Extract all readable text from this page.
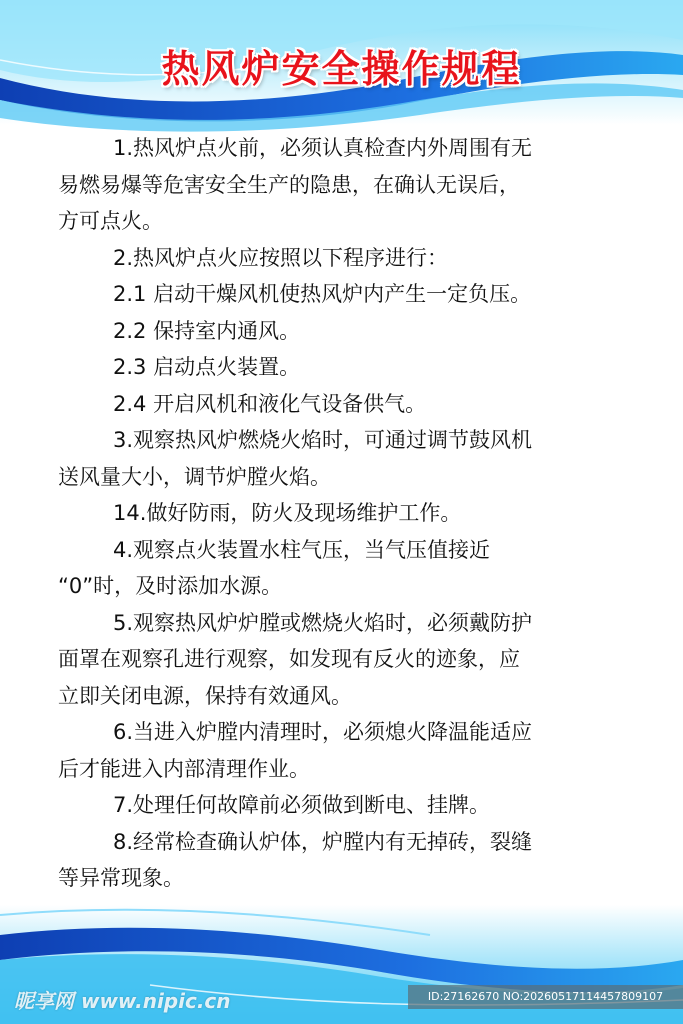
热风炉安全操作规程
1.热风炉点火前，必须认真检查内外周围有无
易燃易爆等危害安全生产的隐患，在确认无误后，
方可点火。
2.热风炉点火应按照以下程序进行：
2.1 启动干燥风机使热风炉内产生一定负压。
2.2 保持室内通风。
2.3 启动点火装置。
2.4 开启风机和液化气设备供气。
3.观察热风炉燃烧火焰时，可通过调节鼓风机
送风量大小，调节炉膛火焰。
14.做好防雨，防火及现场维护工作。
4.观察点火装置水柱气压，当气压值接近
“0”时，及时添加水源。
5.观察热风炉炉膛或燃烧火焰时，必须戴防护
面罩在观察孔进行观察，如发现有反火的迹象，应
立即关闭电源，保持有效通风。
6.当进入炉膛内清理时，必须熄火降温能适应
后才能进入内部清理作业。
7.处理任何故障前必须做到断电、挂牌。
8.经常检查确认炉体，炉膛内有无掉砖，裂缝
等异常现象。
昵享网 www.nipic.cn	ID:27162670 NO:20260517114457809107
